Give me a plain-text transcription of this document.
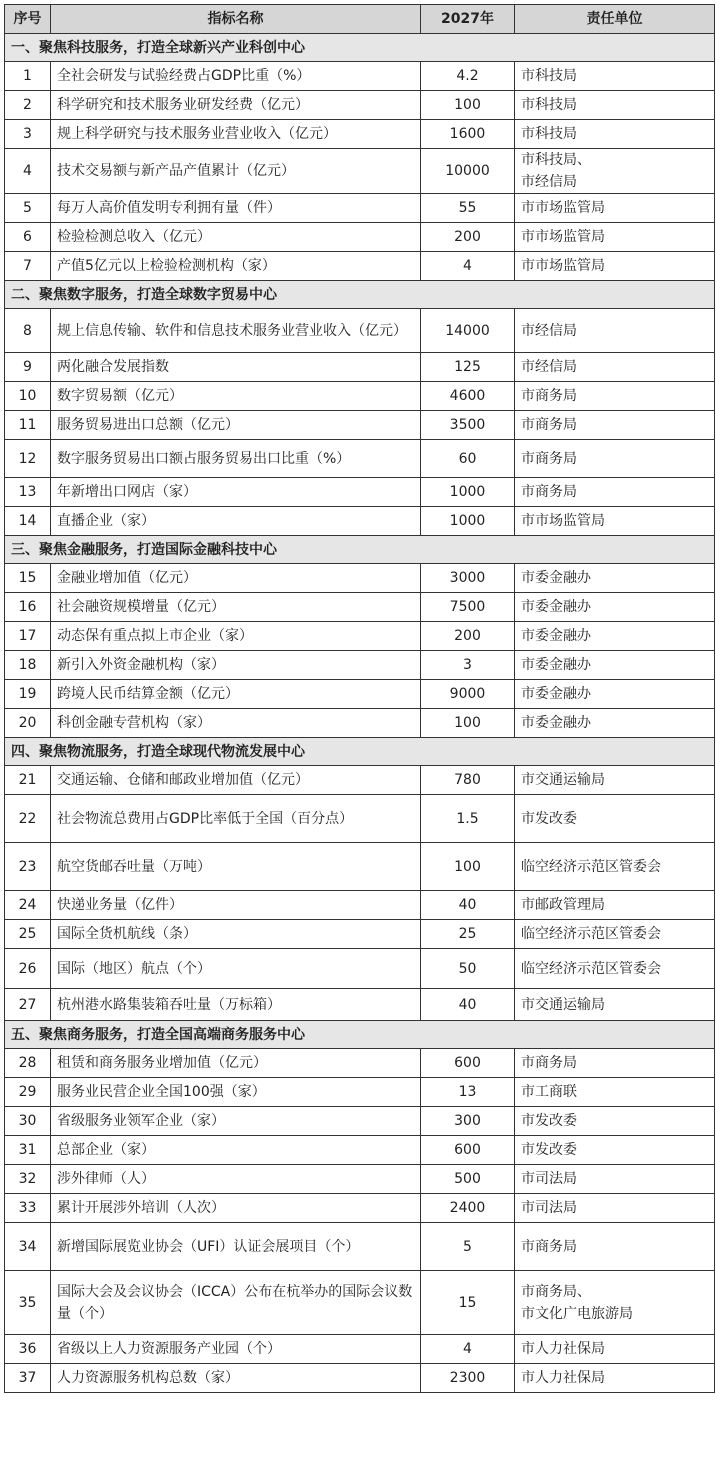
序号	指标名称	2027年	责任单位
一、聚焦科技服务，打造全球新兴产业科创中心			
1	全社会研发与试验经费占GDP比重（%）	4.2	市科技局
2	科学研究和技术服务业研发经费（亿元）	100	市科技局
3	规上科学研究与技术服务业营业收入（亿元）	1600	市科技局
4	技术交易额与新产品产值累计（亿元）	10000	市科技局、
市经信局
5	每万人高价值发明专利拥有量（件）	55	市市场监管局
6	检验检测总收入（亿元）	200	市市场监管局
7	产值5亿元以上检验检测机构（家）	4	市市场监管局
二、聚焦数字服务，打造全球数字贸易中心			
8	规上信息传输、软件和信息技术服务业营业收入（亿元）	14000	市经信局
9	两化融合发展指数	125	市经信局
10	数字贸易额（亿元）	4600	市商务局
11	服务贸易进出口总额（亿元）	3500	市商务局
12	数字服务贸易出口额占服务贸易出口比重（%）	60	市商务局
13	年新增出口网店（家）	1000	市商务局
14	直播企业（家）	1000	市市场监管局
三、聚焦金融服务，打造国际金融科技中心			
15	金融业增加值（亿元）	3000	市委金融办
16	社会融资规模增量（亿元）	7500	市委金融办
17	动态保有重点拟上市企业（家）	200	市委金融办
18	新引入外资金融机构（家）	3	市委金融办
19	跨境人民币结算金额（亿元）	9000	市委金融办
20	科创金融专营机构（家）	100	市委金融办
四、聚焦物流服务，打造全球现代物流发展中心			
21	交通运输、仓储和邮政业增加值（亿元）	780	市交通运输局
22	社会物流总费用占GDP比率低于全国（百分点）	1.5	市发改委
23	航空货邮吞吐量（万吨）	100	临空经济示范区管委会
24	快递业务量（亿件）	40	市邮政管理局
25	国际全货机航线（条）	25	临空经济示范区管委会
26	国际（地区）航点（个）	50	临空经济示范区管委会
27	杭州港水路集装箱吞吐量（万标箱）	40	市交通运输局
五、聚焦商务服务，打造全国高端商务服务中心			
28	租赁和商务服务业增加值（亿元）	600	市商务局
29	服务业民营企业全国100强（家）	13	市工商联
30	省级服务业领军企业（家）	300	市发改委
31	总部企业（家）	600	市发改委
32	涉外律师（人）	500	市司法局
33	累计开展涉外培训（人次）	2400	市司法局
34	新增国际展览业协会（UFI）认证会展项目（个）	5	市商务局
35	国际大会及会议协会（ICCA）公布在杭举办的国际会议数量（个）	15	市商务局、
市文化广电旅游局
36	省级以上人力资源服务产业园（个）	4	市人力社保局
37	人力资源服务机构总数（家）	2300	市人力社保局
